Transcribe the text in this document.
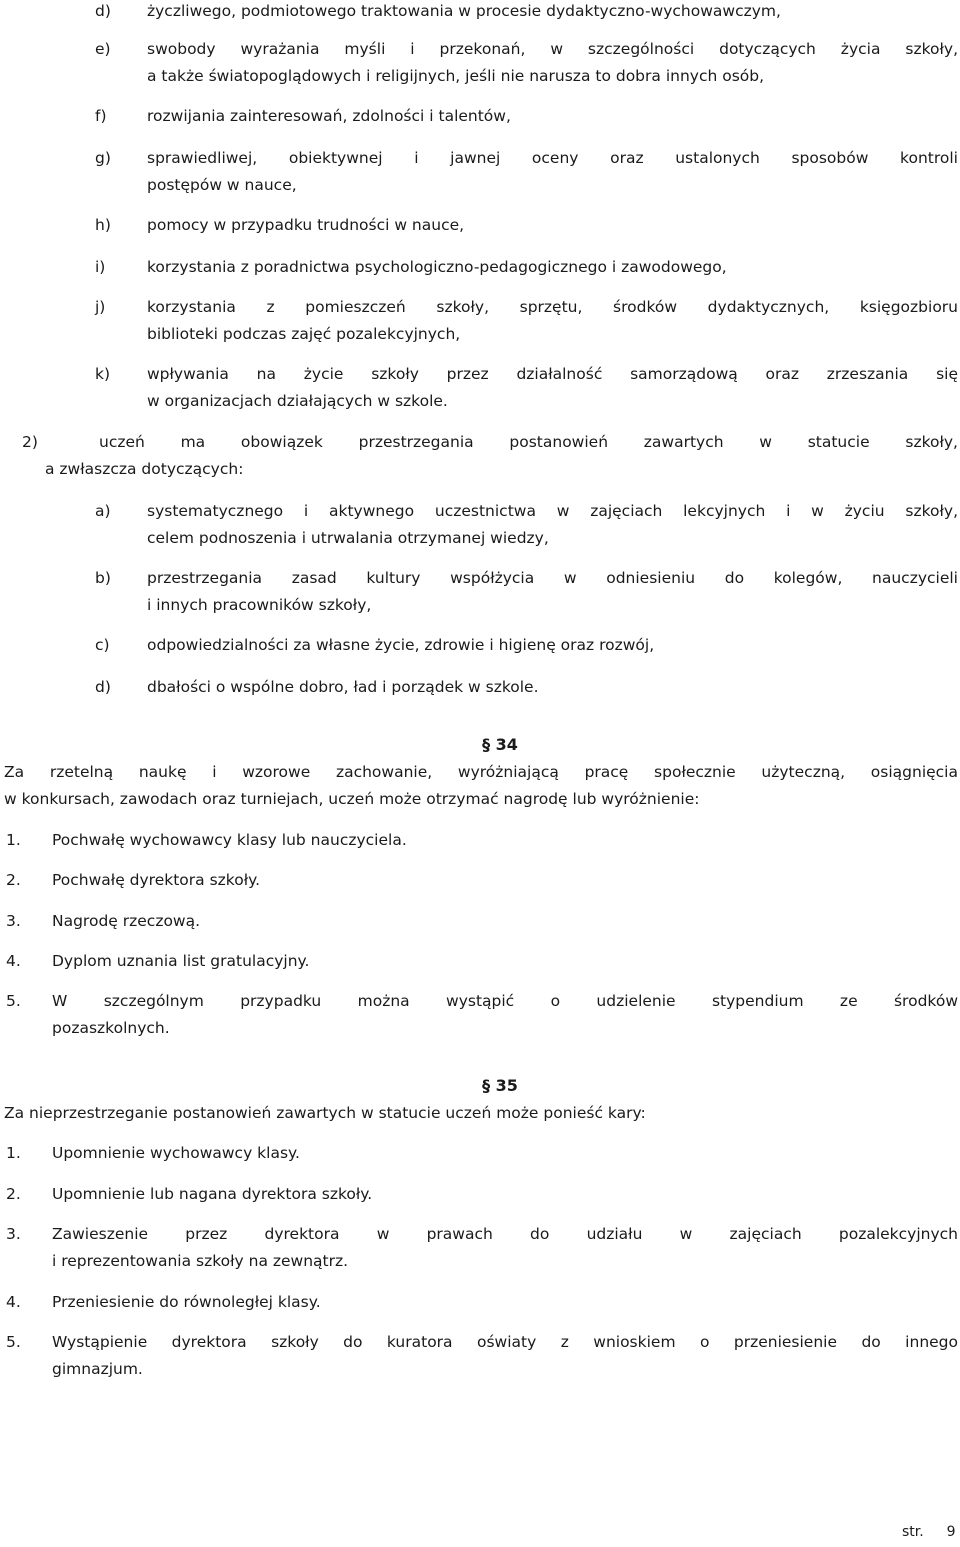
d) życzliwego, podmiotowego traktowania w procesie dydaktyczno-wychowawczym,
e) swobody wyrażania myśli i przekonań, w szczególności dotyczących życia szkoły,
a także światopoglądowych i religijnych, jeśli nie narusza to dobra innych osób,
f)	rozwijania zainteresowań, zdolności i talentów,
g) sprawiedliwej, obiektywnej i jawnej oceny oraz ustalonych sposobów kontroli
postępów w nauce,
h) pomocy w przypadku trudności w nauce,
i)	korzystania z poradnictwa psychologiczno-pedagogicznego i zawodowego,
j)	korzystania z pomieszczeń szkoły, sprzętu, środków dydaktycznych, księgozbioru
biblioteki podczas zajęć pozalekcyjnych,
k) wpływania na życie szkoły przez działalność samorządową oraz zrzeszania się
w organizacjach działających w szkole.
2)	uczeń ma obowiązek przestrzegania postanowień zawartych w statucie szkoły,
a zwłaszcza dotyczących:
a) systematycznego i aktywnego uczestnictwa w zajęciach lekcyjnych i w życiu szkoły,
celem podnoszenia i utrwalania otrzymanej wiedzy,
b) przestrzegania zasad kultury współżycia w odniesieniu do kolegów, nauczycieli
i innych pracowników szkoły,
c) odpowiedzialności za własne życie, zdrowie i higienę oraz rozwój,
d) dbałości o wspólne dobro, ład i porządek w szkole.
§ 34
Za rzetelną naukę i wzorowe zachowanie, wyróżniającą pracę społecznie użyteczną, osiągnięcia
w konkursach, zawodach oraz turniejach, uczeń może otrzymać nagrodę lub wyróżnienie:
1. Pochwałę wychowawcy klasy lub nauczyciela.
2. Pochwałę dyrektora szkoły.
3. Nagrodę rzeczową.
4. Dyplom uznania list gratulacyjny.
5. W szczególnym przypadku można wystąpić o udzielenie stypendium ze środków
pozaszkolnych.
§ 35
Za nieprzestrzeganie postanowień zawartych w statucie uczeń może ponieść kary:
1. Upomnienie wychowawcy klasy.
2. Upomnienie lub nagana dyrektora szkoły.
3. Zawieszenie przez dyrektora w prawach do udziału w zajęciach pozalekcyjnych
i reprezentowania szkoły na zewnątrz.
4. Przeniesienie do równoległej klasy.
5. Wystąpienie dyrektora szkoły do kuratora oświaty z wnioskiem o przeniesienie do innego
gimnazjum.
str. 9
